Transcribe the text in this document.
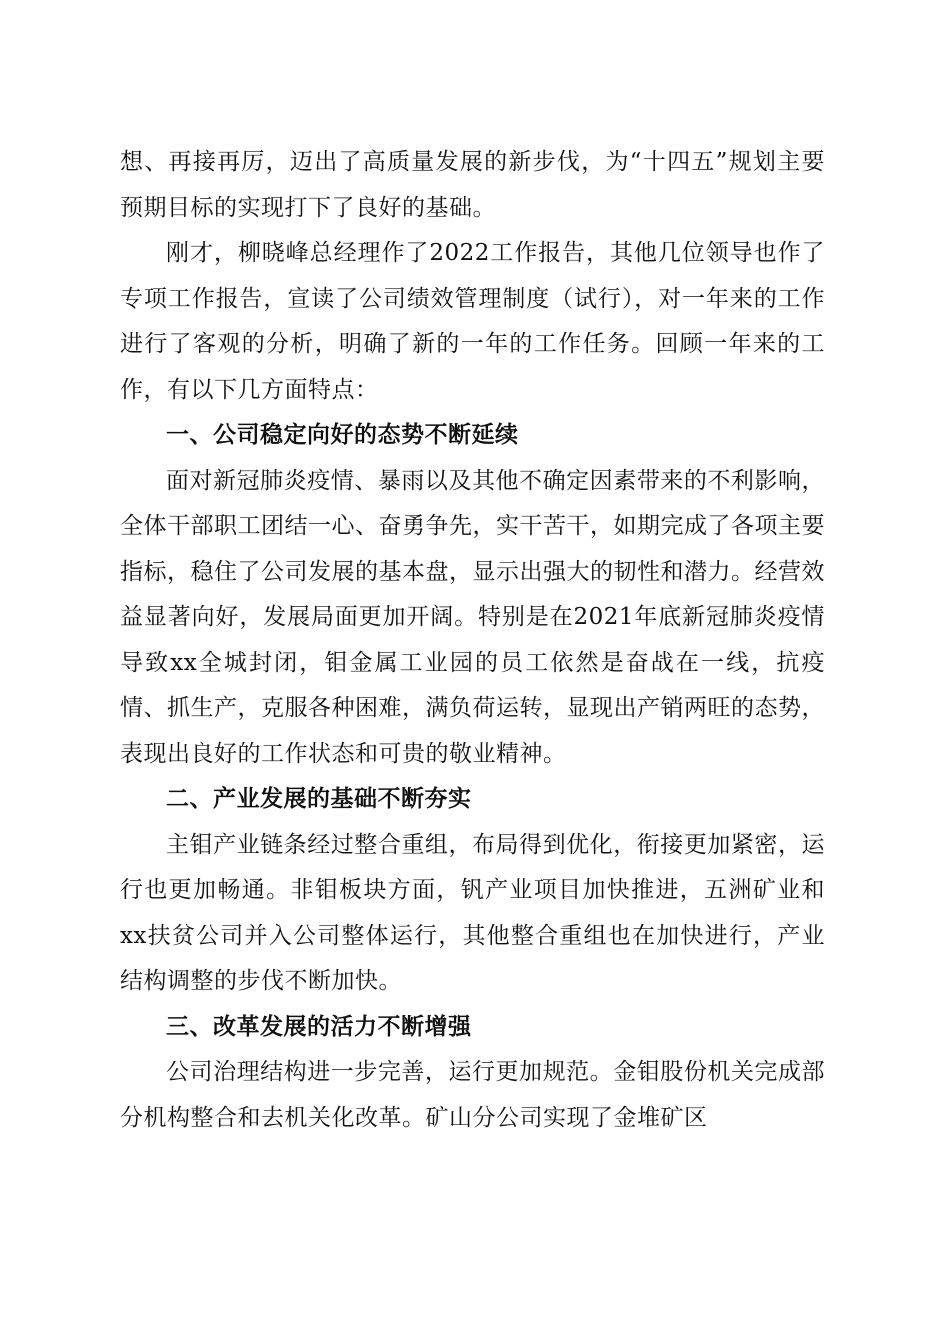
想、再接再厉，迈出了高质量发展的新步伐，为“十四五”规划主要预期目标的实现打下了良好的基础。

刚才，柳晓峰总经理作了2022工作报告，其他几位领导也作了专项工作报告，宣读了公司绩效管理制度（试行），对一年来的工作进行了客观的分析，明确了新的一年的工作任务。回顾一年来的工作，有以下几方面特点：

一、公司稳定向好的态势不断延续

面对新冠肺炎疫情、暴雨以及其他不确定因素带来的不利影响，全体干部职工团结一心、奋勇争先，实干苦干，如期完成了各项主要指标，稳住了公司发展的基本盘，显示出强大的韧性和潜力。经营效益显著向好，发展局面更加开阔。特别是在2021年底新冠肺炎疫情导致xx全城封闭，钼金属工业园的员工依然是奋战在一线，抗疫情、抓生产，克服各种困难，满负荷运转，显现出产销两旺的态势，表现出良好的工作状态和可贵的敬业精神。

二、产业发展的基础不断夯实

主钼产业链条经过整合重组，布局得到优化，衔接更加紧密，运行也更加畅通。非钼板块方面，钒产业项目加快推进，五洲矿业和xx扶贫公司并入公司整体运行，其他整合重组也在加快进行，产业结构调整的步伐不断加快。

三、改革发展的活力不断增强

公司治理结构进一步完善，运行更加规范。金钼股份机关完成部分机构整合和去机关化改革。矿山分公司实现了金堆矿区
